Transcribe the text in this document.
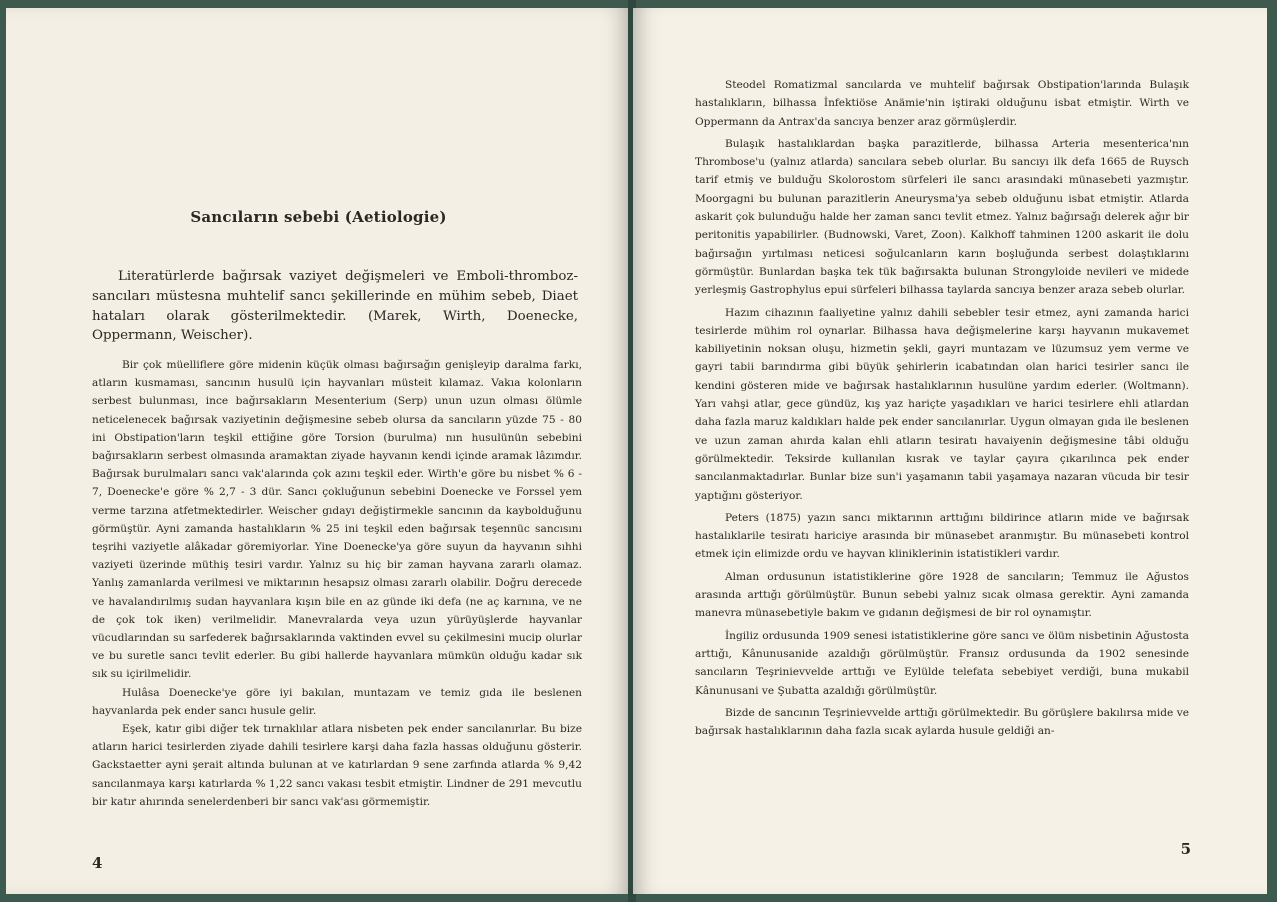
Sancıların sebebi (Aetiologie)

Literatürlerde bağırsak vaziyet değişmeleri ve Emboli-thromboz-sancıları müstesna muhtelif sancı şekillerinde en mühim sebeb, Diaet hataları olarak gösterilmektedir. (Marek, Wirth, Doenecke, Oppermann, Weischer).

Bir çok müelliflere göre midenin küçük olması bağırsağın genişleyip daralma farkı, atların kusmaması, sancının husulü için hayvanları müsteit kılamaz. Vakıa kolonların serbest bulunması, ince bağırsakların Mesenterium (Serp) unun uzun olması ölümle neticelenecek bağırsak vaziyetinin değişmesine sebeb olursa da sancıların yüzde 75 - 80 ini Obstipation'ların teşkil ettiğine göre Torsion (burulma) nın husulünün sebebini bağırsakların serbest olmasında aramaktan ziyade hayvanın kendi içinde aramak lâzımdır. Bağırsak burulmaları sancı vak'alarında çok azını teşkil eder. Wirth'e göre bu nisbet % 6 - 7, Doenecke'e göre % 2,7 - 3 dür. Sancı çokluğunun sebebini Doenecke ve Forssel yem verme tarzına atfetmektedirler. Weischer gıdayı değiştirmekle sancının da kaybolduğunu görmüştür. Ayni zamanda hastalıkların % 25 ini teşkil eden bağırsak teşennüc sancısını teşrihi vaziyetle alâkadar göremiyorlar. Yine Doenecke'ya göre suyun da hayvanın sıhhi vaziyeti üzerinde müthiş tesiri vardır. Yalnız su hiç bir zaman hayvana zararlı olamaz. Yanlış zamanlarda verilmesi ve miktarının hesapsız olması zararlı olabilir. Doğru derecede ve havalandırılmış sudan hayvanlara kışın bile en az günde iki defa (ne aç karnına, ve ne de çok tok iken) verilmelidir. Manevralarda veya uzun yürüyüşlerde hayvanlar vücudlarından su sarfederek bağırsaklarında vaktinden evvel su çekilmesini mucip olurlar ve bu suretle sancı tevlit ederler. Bu gibi hallerde hayvanlara mümkün olduğu kadar sık sık su içirilmelidir.

Hulâsa Doenecke'ye göre iyi bakılan, muntazam ve temiz gıda ile beslenen hayvanlarda pek ender sancı husule gelir.

Eşek, katır gibi diğer tek tırnaklılar atlara nisbeten pek ender sancılanırlar. Bu bize atların harici tesirlerden ziyade dahili tesirlere karşi daha fazla hassas olduğunu gösterir. Gackstaetter ayni şerait altında bulunan at ve katırlardan 9 sene zarfında atlarda % 9,42 sancılanmaya karşı katırlarda % 1,22 sancı vakası tesbit etmiştir. Lindner de 291 mevcutlu bir katır ahırında senelerdenberi bir sancı vak'ası görmemiştir.

4

Steodel Romatizmal sancılarda ve muhtelif bağırsak Obstipation'larında Bulaşık hastalıkların, bilhassa İnfektiöse Anämie'nin iştiraki olduğunu isbat etmiştir. Wirth ve Oppermann da Antrax'da sancıya benzer araz görmüşlerdir.

Bulaşık hastalıklardan başka parazitlerde, bilhassa Arteria mesenterica'nın Thrombose'u (yalnız atlarda) sancılara sebeb olurlar. Bu sancıyı ilk defa 1665 de Ruysch tarif etmiş ve bulduğu Skolorostom sürfeleri ile sancı arasındaki münasebeti yazmıştır. Moorgagni bu bulunan parazitlerin Aneurysma'ya sebeb olduğunu isbat etmiştir. Atlarda askarit çok bulunduğu halde her zaman sancı tevlit etmez. Yalnız bağırsağı delerek ağır bir peritonitis yapabilirler. (Budnowski, Varet, Zoon). Kalkhoff tahminen 1200 askarit ile dolu bağırsağın yırtılması neticesi soğulcanların karın boşluğunda serbest dolaştıklarını görmüştür. Bunlardan başka tek tük bağırsakta bulunan Strongyloide nevileri ve midede yerleşmiş Gastrophylus epui sürfeleri bilhassa taylarda sancıya benzer araza sebeb olurlar.

Hazım cihazının faaliyetine yalnız dahili sebebler tesir etmez, ayni zamanda harici tesirlerde mühim rol oynarlar. Bilhassa hava değişmelerine karşı hayvanın mukavemet kabiliyetinin noksan oluşu, hizmetin şekli, gayri muntazam ve lüzumsuz yem verme ve gayri tabii barındırma gibi büyük şehirlerin icabatından olan harici tesirler sancı ile kendini gösteren mide ve bağırsak hastalıklarının husulüne yardım ederler. (Woltmann). Yarı vahşi atlar, gece gündüz, kış yaz hariçte yaşadıkları ve harici tesirlere ehli atlardan daha fazla maruz kaldıkları halde pek ender sancılanırlar. Uygun olmayan gıda ile beslenen ve uzun zaman ahırda kalan ehli atların tesiratı havaiyenin değişmesine tâbi olduğu görülmektedir. Teksirde kullanılan kısrak ve taylar çayıra çıkarılınca pek ender sancılanmaktadırlar. Bunlar bize sun'i yaşamanın tabii yaşamaya nazaran vücuda bir tesir yaptığını gösteriyor.

Peters (1875) yazın sancı miktarının arttığını bildirince atların mide ve bağırsak hastalıklarile tesiratı hariciye arasında bir münasebet aranmıştır. Bu münasebeti kontrol etmek için elimizde ordu ve hayvan kliniklerinin istatistikleri vardır.

Alman ordusunun istatistiklerine göre 1928 de sancıların; Temmuz ile Ağustos arasında arttığı görülmüştür. Bunun sebebi yalnız sıcak olmasa gerektir. Ayni zamanda manevra münasebetiyle bakım ve gıdanın değişmesi de bir rol oynamıştır.

İngiliz ordusunda 1909 senesi istatistiklerine göre sancı ve ölüm nisbetinin Ağustosta arttığı, Kânunusanide azaldığı görülmüştür. Fransız ordusunda da 1902 senesinde sancıların Teşrinievvelde arttığı ve Eylülde telefata sebebiyet verdiği, buna mukabil Kânunusani ve Şubatta azaldığı görülmüştür.

Bizde de sancının Teşrinievvelde arttığı görülmektedir. Bu görüşlere bakılırsa mide ve bağırsak hastalıklarının daha fazla sıcak aylarda husule geldiği an-

5
